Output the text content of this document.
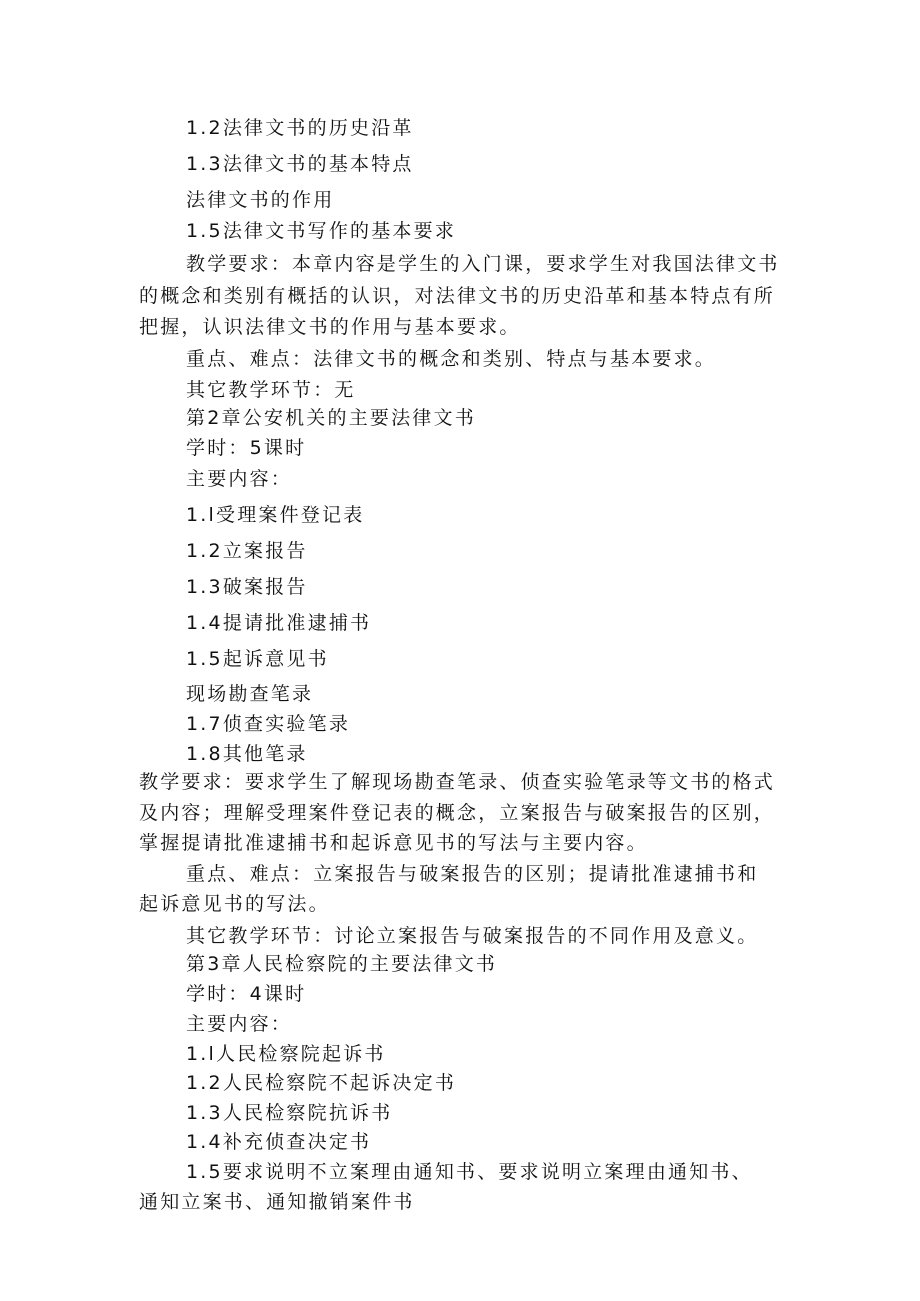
1.2法律文书的历史沿革
1.3法律文书的基本特点
法律文书的作用
1.5法律文书写作的基本要求
教学要求：本章内容是学生的入门课，要求学生对我国法律文书
的概念和类别有概括的认识，对法律文书的历史沿革和基本特点有所
把握，认识法律文书的作用与基本要求。
重点、难点：法律文书的概念和类别、特点与基本要求。
其它教学环节：无
第2章公安机关的主要法律文书
学时：5课时
主要内容：
1.l受理案件登记表
1.2立案报告
1.3破案报告
1.4提请批准逮捕书
1.5起诉意见书
现场勘查笔录
1.7侦查实验笔录
1.8其他笔录
教学要求：要求学生了解现场勘查笔录、侦查实验笔录等文书的格式
及内容；理解受理案件登记表的概念，立案报告与破案报告的区别，
掌握提请批准逮捕书和起诉意见书的写法与主要内容。
重点、难点：立案报告与破案报告的区别；提请批准逮捕书和
起诉意见书的写法。
其它教学环节：讨论立案报告与破案报告的不同作用及意义。
第3章人民检察院的主要法律文书
学时：4课时
主要内容：
1.l人民检察院起诉书
1.2人民检察院不起诉决定书
1.3人民检察院抗诉书
1.4补充侦查决定书
1.5要求说明不立案理由通知书、要求说明立案理由通知书、
通知立案书、通知撤销案件书
